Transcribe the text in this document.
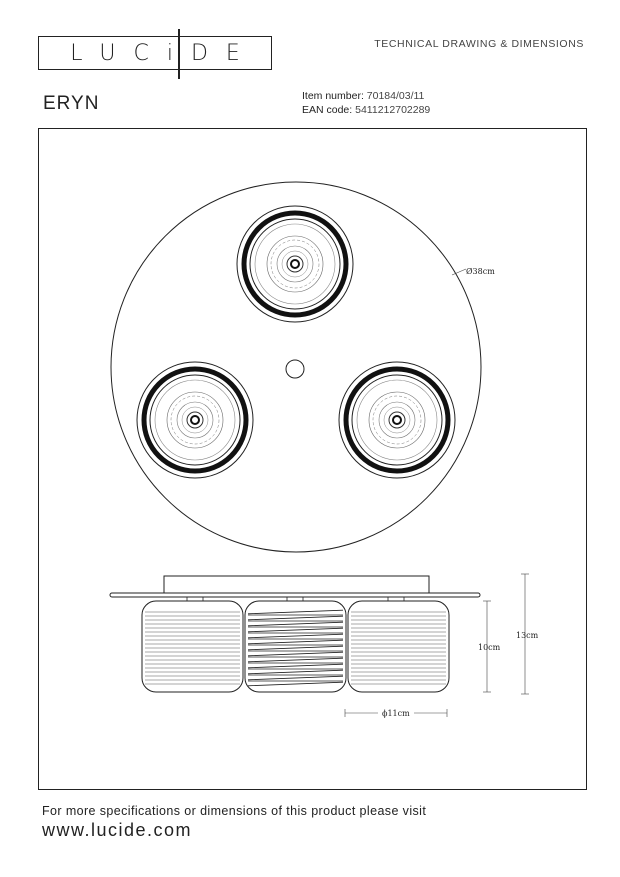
LUCiDE	TECHNICAL DRAWING & DIMENSIONS
ERYN	Item number: 70184/03/11
EAN code: 5411212702289
Ø38cm
13cm
10cm
ϕ11cm
For more specifications or dimensions of this product please visit
www.lucide.com
